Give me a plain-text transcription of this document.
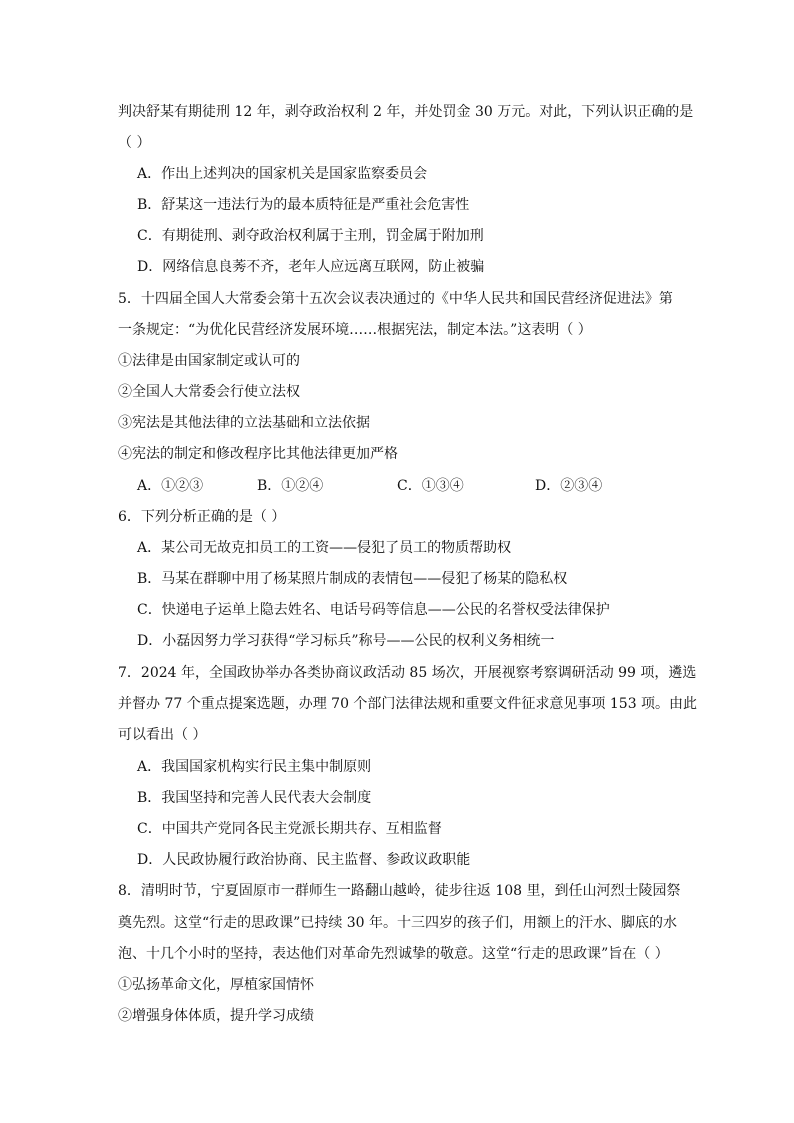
判决舒某有期徒刑 12 年，剥夺政治权利 2 年，并处罚金 30 万元。对此，下列认识正确的是
（ ）
A．作出上述判决的国家机关是国家监察委员会
B．舒某这一违法行为的最本质特征是严重社会危害性
C．有期徒刑、剥夺政治权利属于主刑，罚金属于附加刑
D．网络信息良莠不齐，老年人应远离互联网，防止被骗
5．十四届全国人大常委会第十五次会议表决通过的《中华人民共和国民营经济促进法》第
一条规定：“为优化民营经济发展环境……根据宪法，制定本法。”这表明（ ）
①法律是由国家制定或认可的
②全国人大常委会行使立法权
③宪法是其他法律的立法基础和立法依据
④宪法的制定和修改程序比其他法律更加严格
A．①②③	B．①②④	C．①③④	D．②③④
6．下列分析正确的是（ ）
A．某公司无故克扣员工的工资——侵犯了员工的物质帮助权
B．马某在群聊中用了杨某照片制成的表情包——侵犯了杨某的隐私权
C．快递电子运单上隐去姓名、电话号码等信息——公民的名誉权受法律保护
D．小磊因努力学习获得“学习标兵”称号——公民的权利义务相统一
7．2024 年，全国政协举办各类协商议政活动 85 场次，开展视察考察调研活动 99 项，遴选
并督办 77 个重点提案选题，办理 70 个部门法律法规和重要文件征求意见事项 153 项。由此
可以看出（ ）
A．我国国家机构实行民主集中制原则
B．我国坚持和完善人民代表大会制度
C．中国共产党同各民主党派长期共存、互相监督
D．人民政协履行政治协商、民主监督、参政议政职能
8．清明时节，宁夏固原市一群师生一路翻山越岭，徒步往返 108 里，到任山河烈士陵园祭
奠先烈。这堂“行走的思政课”已持续 30 年。十三四岁的孩子们，用额上的汗水、脚底的水
泡、十几个小时的坚持，表达他们对革命先烈诚挚的敬意。这堂“行走的思政课”旨在（ ）
①弘扬革命文化，厚植家国情怀
②增强身体体质，提升学习成绩
